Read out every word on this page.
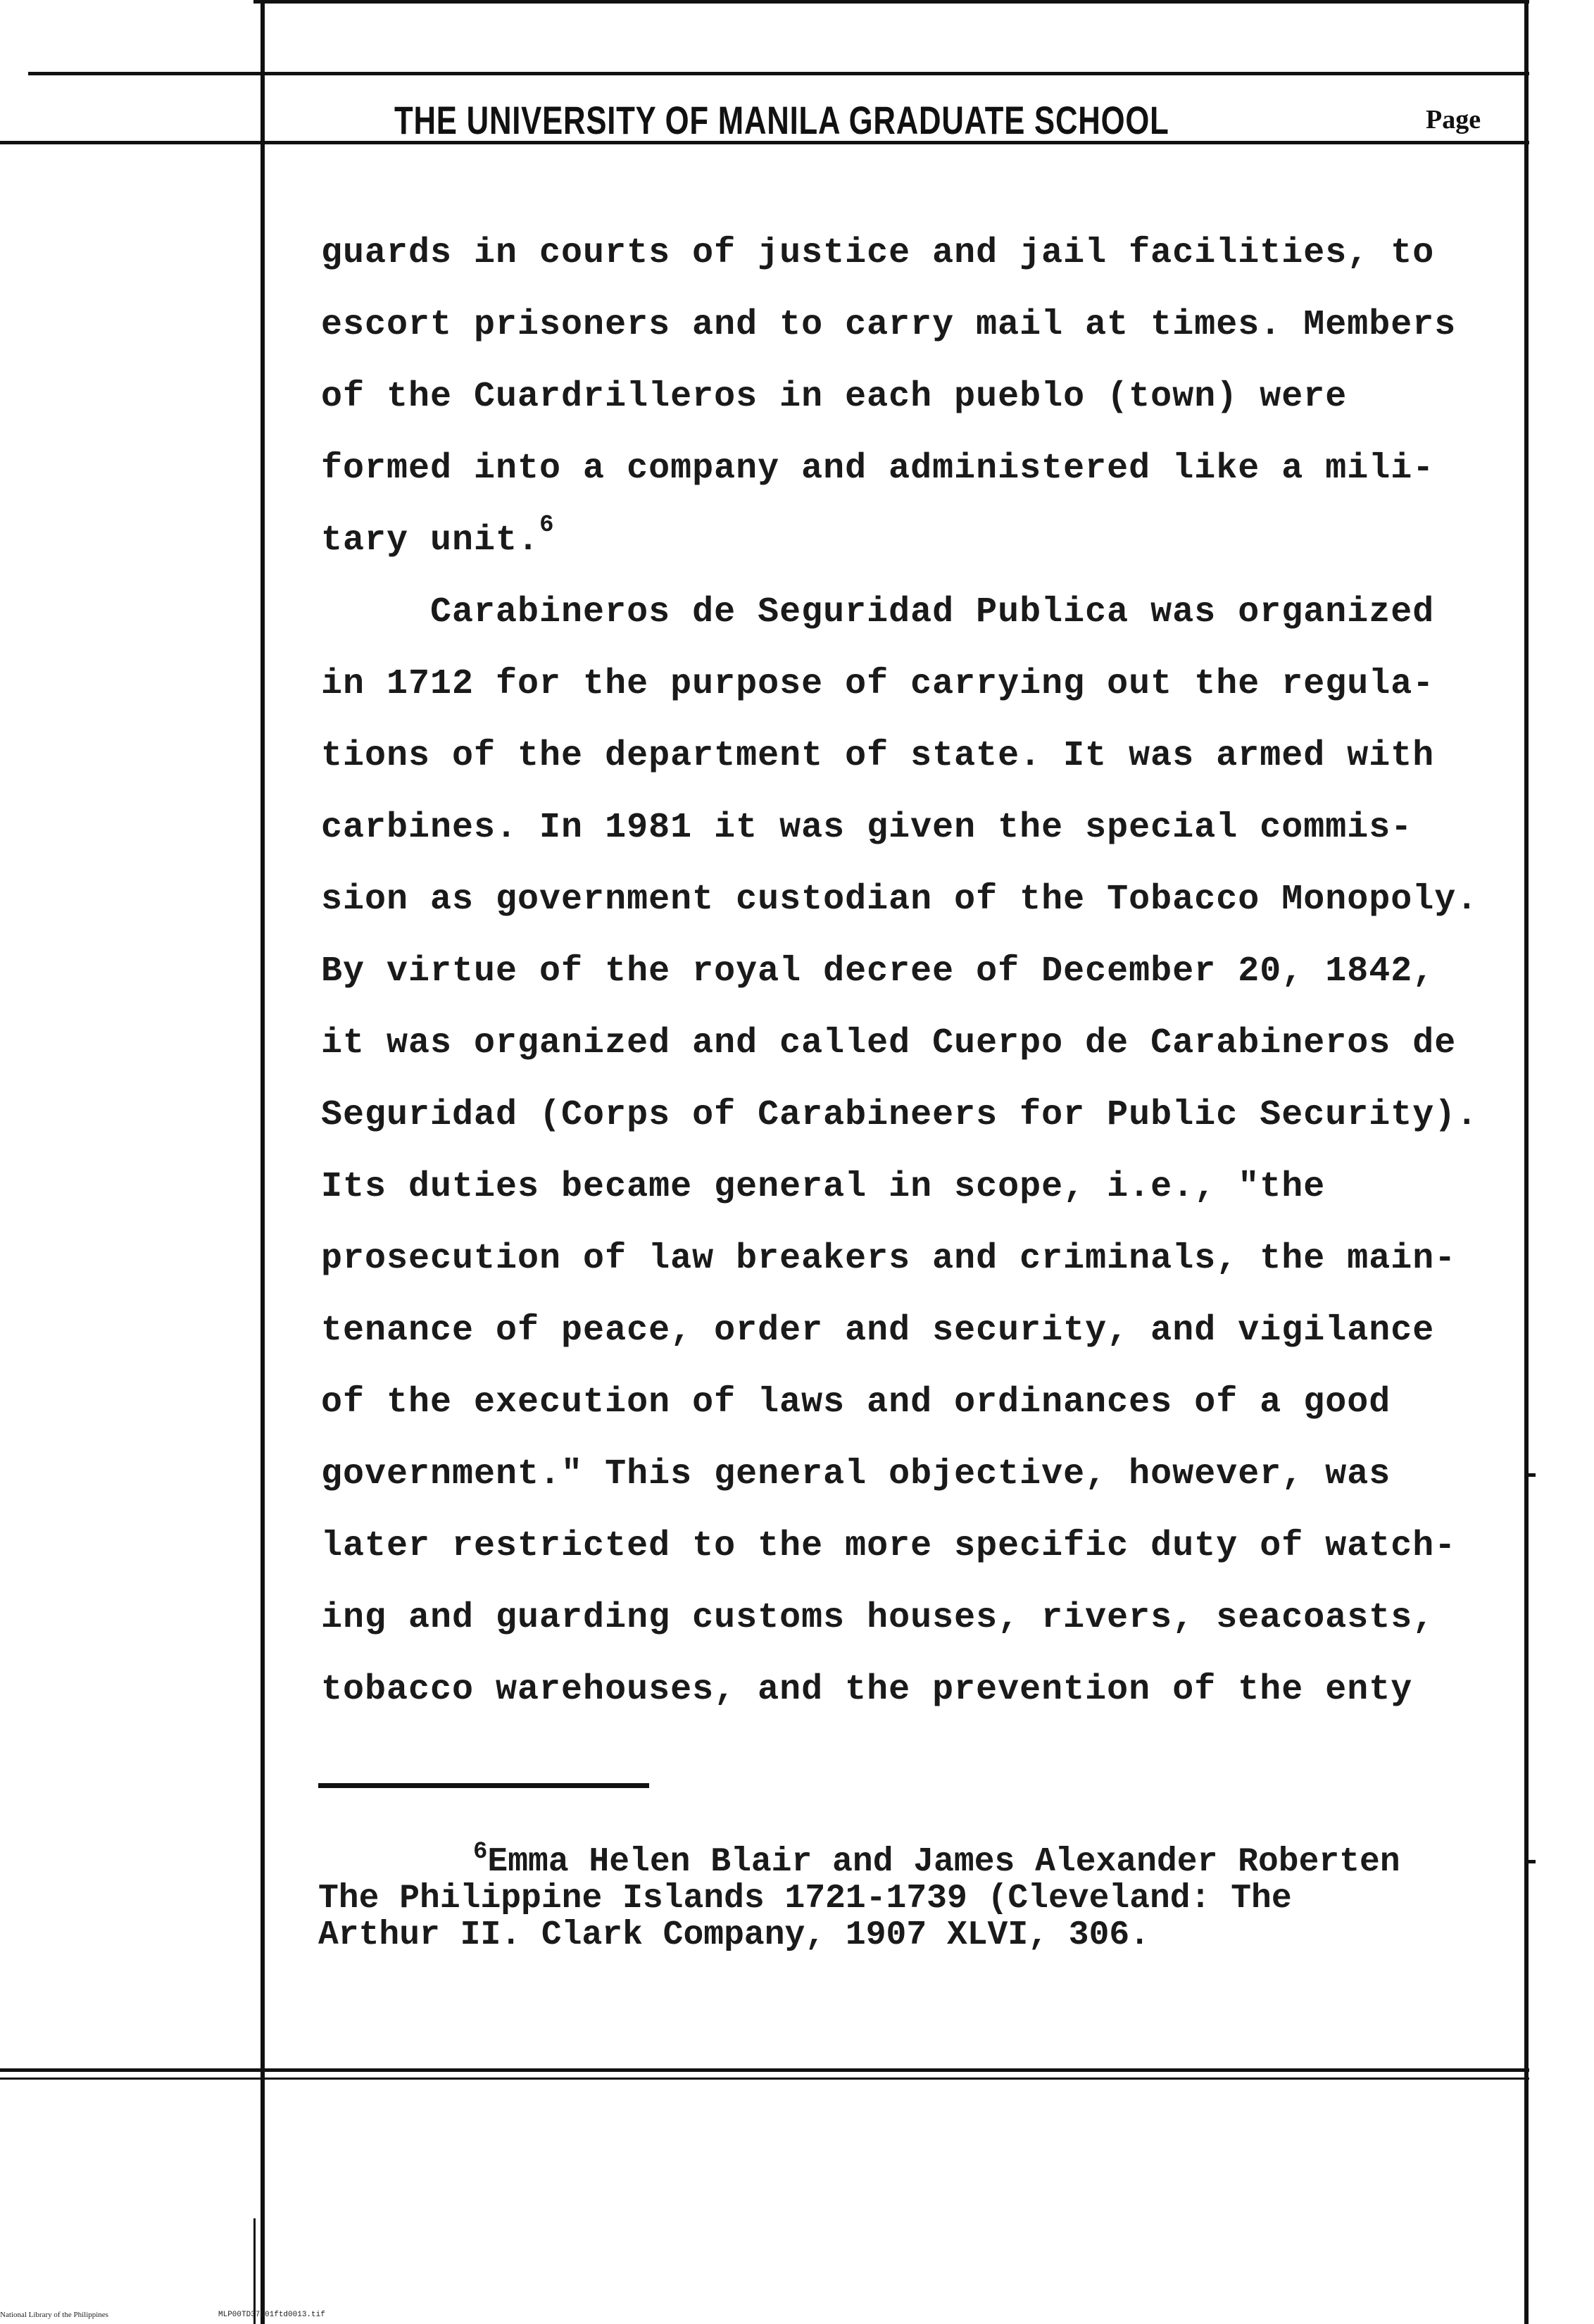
THE UNIVERSITY OF MANILA GRADUATE SCHOOL	Page
guards in courts of justice and jail facilities, to
escort prisoners and to carry mail at times. Members
of the Cuardrilleros in each pueblo (town) were
formed into a company and administered like a mili-
tary unit.$^6$
Carabineros de Seguridad Publica was organized
in 1712 for the purpose of carrying out the regula-
tions of the department of state. It was armed with
carbines. In 1981 it was given the special commis-
sion as government custodian of the Tobacco Monopoly.
By virtue of the royal decree of December 20, 1842,
it was organized and called Cuerpo de Carabineros de
Seguridad (Corps of Carabineers for Public Security).
Its duties became general in scope, i.e., "the
prosecution of law breakers and criminals, the main-
tenance of peace, order and security, and vigilance
of the execution of laws and ordinances of a good
government." This general objective, however, was
later restricted to the more specific duty of watch-
ing and guarding customs houses, rivers, seacoasts,
tobacco warehouses, and the prevention of the enty
$^6$Emma Helen Blair and James Alexander Roberten
The Philippine Islands 1721-1739 (Cleveland: The
Arthur II. Clark Company, 1907 XLVI, 306.
National Library of the Philippines	MLP00TD37501ftd0013.tif
